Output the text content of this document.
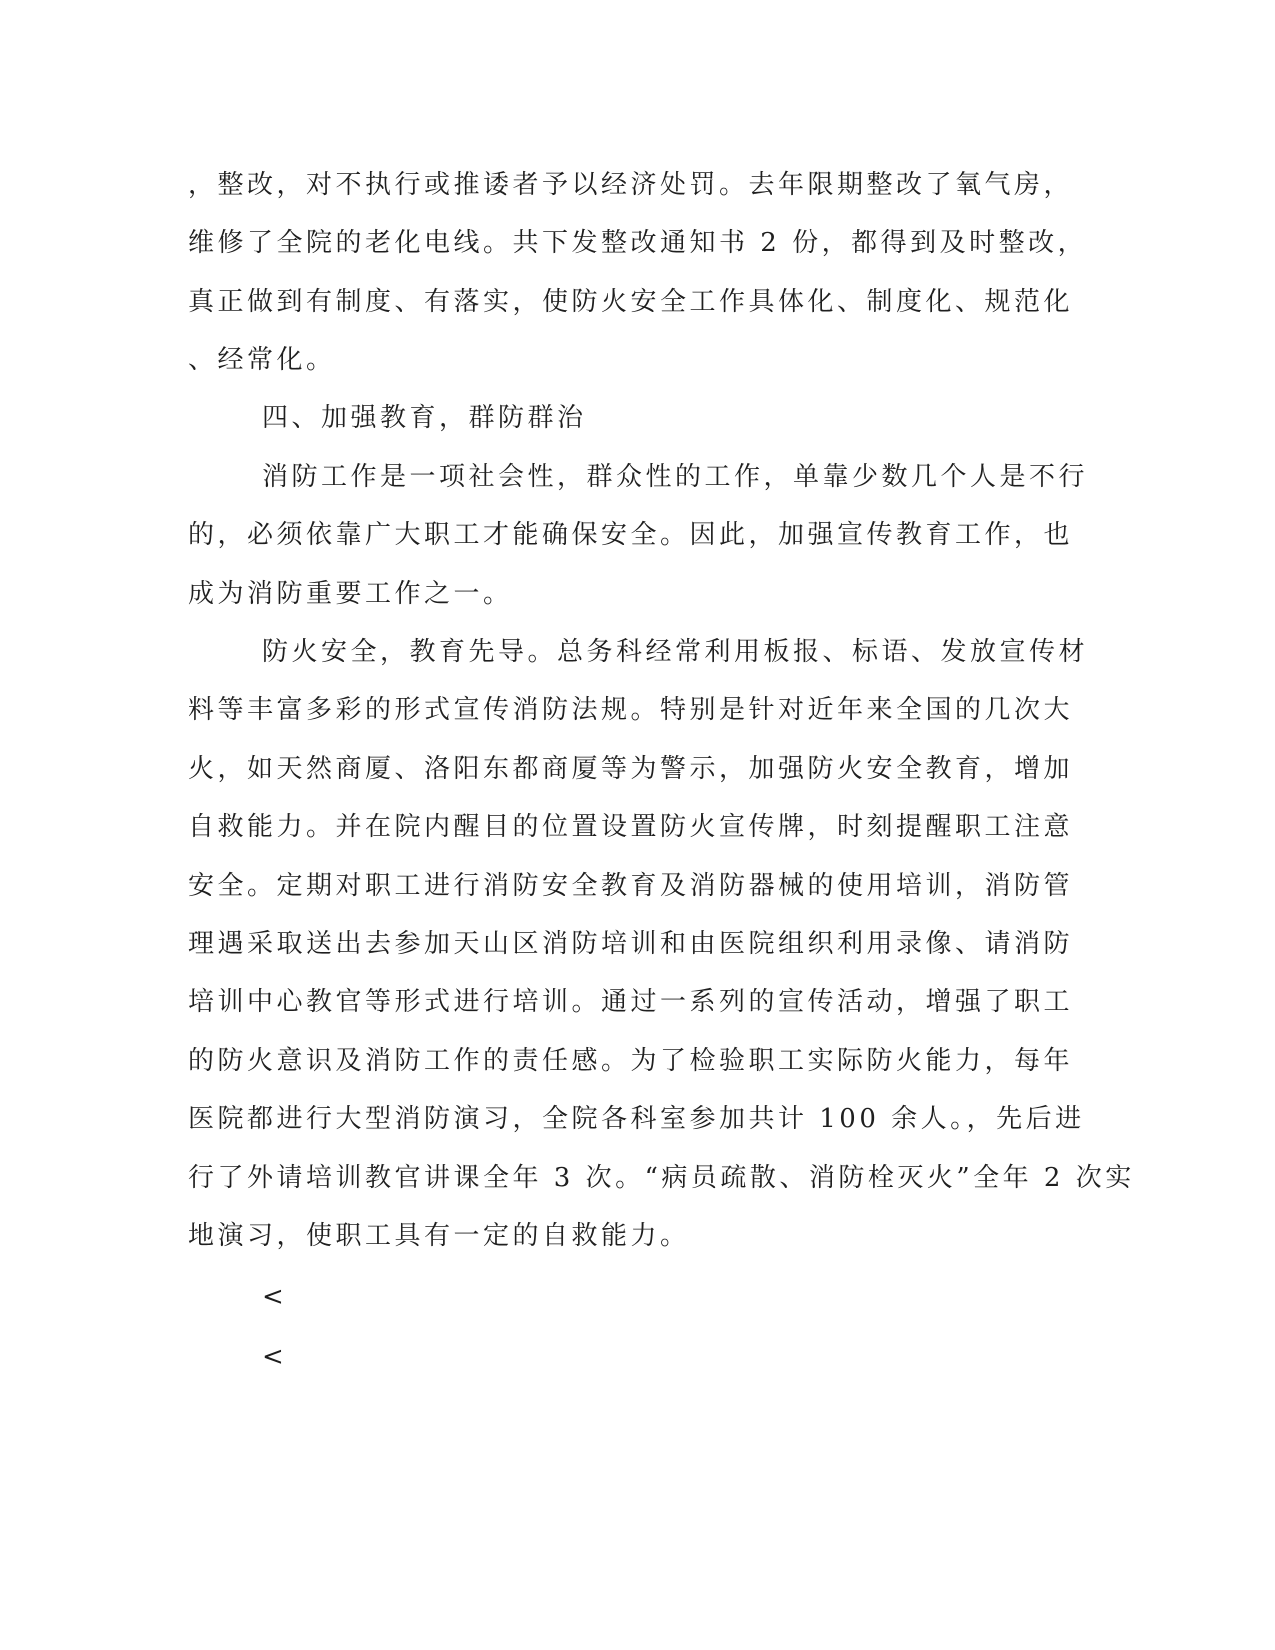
，整改，对不执行或推诿者予以经济处罚。去年限期整改了氧气房，
维修了全院的老化电线。共下发整改通知书 2 份，都得到及时整改，
真正做到有制度、有落实，使防火安全工作具体化、制度化、规范化
、经常化。
四、加强教育，群防群治
消防工作是一项社会性，群众性的工作，单靠少数几个人是不行
的，必须依靠广大职工才能确保安全。因此，加强宣传教育工作，也
成为消防重要工作之一。
防火安全，教育先导。总务科经常利用板报、标语、发放宣传材
料等丰富多彩的形式宣传消防法规。特别是针对近年来全国的几次大
火，如天然商厦、洛阳东都商厦等为警示，加强防火安全教育，增加
自救能力。并在院内醒目的位置设置防火宣传牌，时刻提醒职工注意
安全。定期对职工进行消防安全教育及消防器械的使用培训，消防管
理遇采取送出去参加天山区消防培训和由医院组织利用录像、请消防
培训中心教官等形式进行培训。通过一系列的宣传活动，增强了职工
的防火意识及消防工作的责任感。为了检验职工实际防火能力，每年
医院都进行大型消防演习，全院各科室参加共计 100 余人。，先后进
行了外请培训教官讲课全年 3 次。“病员疏散、消防栓灭火”全年 2 次实
地演习，使职工具有一定的自救能力。
<
<
